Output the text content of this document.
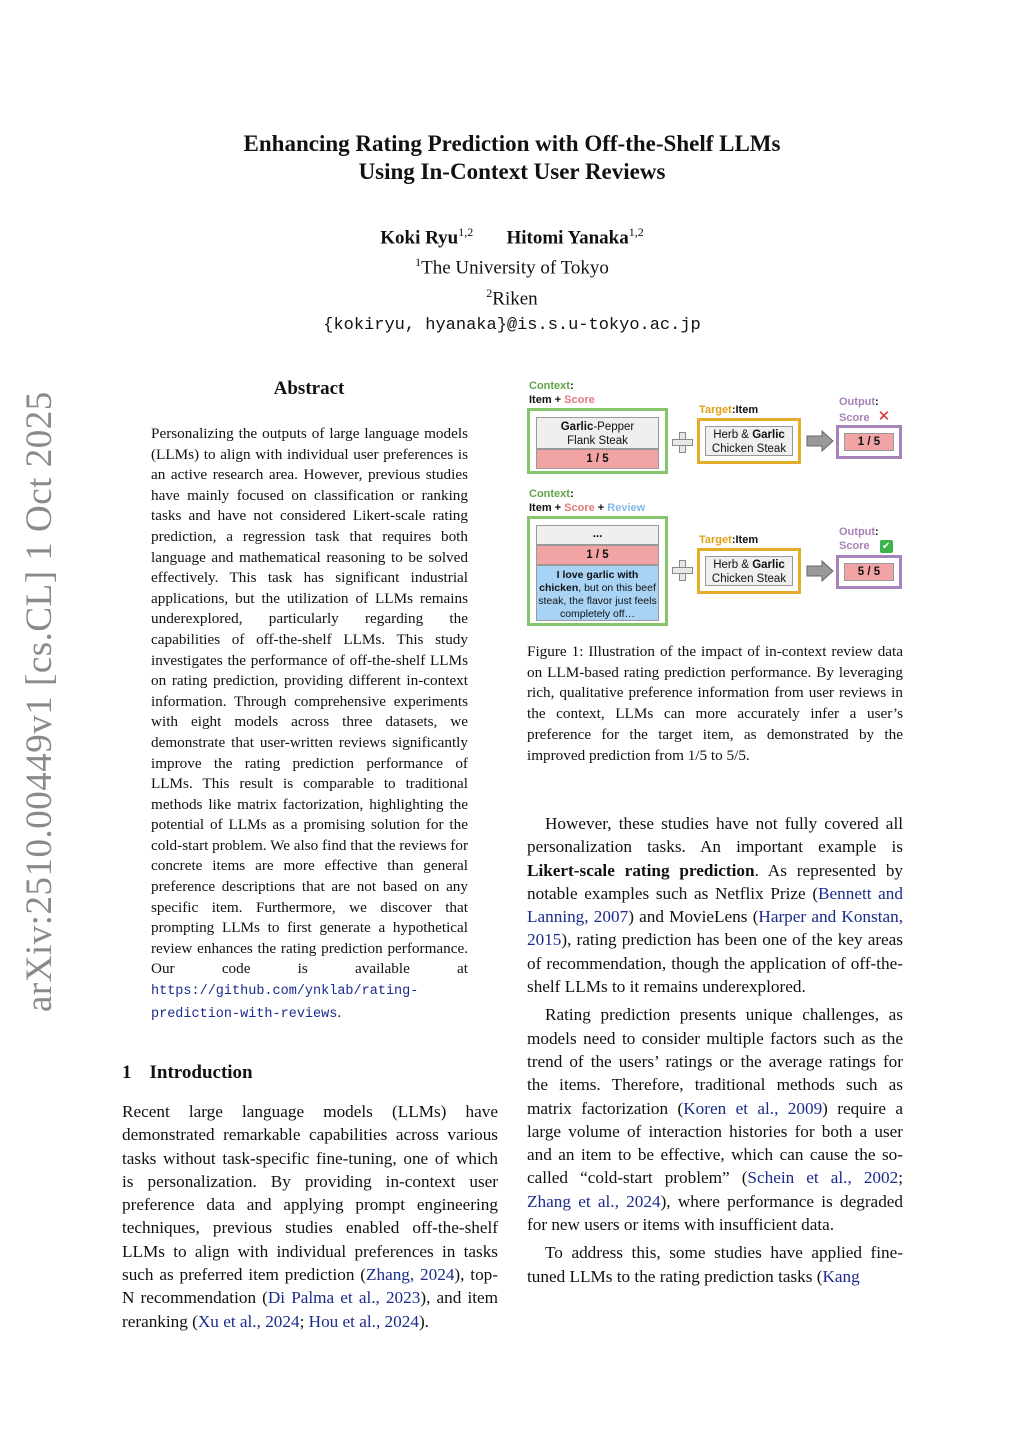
Enhancing Rating Prediction with Off-the-Shelf LLMs
Using In-Context User Reviews
Koki Ryu$^{1,2}$ Hitomi Yanaka$^{1,2}$
$^1$The University of Tokyo
$^2$Riken
{kokiryu, hyanaka}@is.s.u-tokyo.ac.jp
arXiv:2510.00449v1 [cs.CL] 1 Oct 2025
Abstract
Personalizing the outputs of large language models (LLMs) to align with individual user preferences is an active research area. However, previous studies have mainly focused on classification or ranking tasks and have not considered Likert-scale rating prediction, a regression task that requires both language and mathematical reasoning to be solved effectively. This task has significant industrial applications, but the utilization of LLMs remains underexplored, particularly regarding the capabilities of off-the-shelf LLMs. This study investigates the performance of off-the-shelf LLMs on rating prediction, providing different in-context information. Through comprehensive experiments with eight models across three datasets, we demonstrate that user-written reviews significantly improve the rating prediction performance of LLMs. This result is comparable to traditional methods like matrix factorization, highlighting the potential of LLMs as a promising solution for the cold-start problem. We also find that the reviews for concrete items are more effective than general preference descriptions that are not based on any specific item. Furthermore, we discover that prompting LLMs to first generate a hypothetical review enhances the rating prediction performance. Our code is available at https://github.com/ynklab/rating-prediction-with-reviews.
1 Introduction
Recent large language models (LLMs) have demonstrated remarkable capabilities across various tasks without task-specific fine-tuning, one of which is personalization. By providing in-context user preference data and applying prompt engineering techniques, previous studies enabled off-the-shelf LLMs to align with individual preferences in tasks such as preferred item prediction (Zhang, 2024), top-N recommendation (Di Palma et al., 2023), and item reranking (Xu et al., 2024; Hou et al., 2024).
Context:
Item + Score
Garlic-Pepper
Flank Steak
1 / 5
Target:Item
Herb & Garlic
Chicken Steak
Output:
Score ✕
1 / 5
Context:
Item + Score + Review
...
1 / 5
I love garlic with chicken, but on this beef steak, the flavor just feels completely off…
Target:Item
Herb & Garlic
Chicken Steak
Output:
Score ✔
5 / 5
Figure 1: Illustration of the impact of in-context review data on LLM-based rating prediction performance. By leveraging rich, qualitative preference information from user reviews in the context, LLMs can more accurately infer a user’s preference for the target item, as demonstrated by the improved prediction from 1/5 to 5/5.

However, these studies have not fully covered all personalization tasks. An important example is Likert-scale rating prediction. As represented by notable examples such as Netflix Prize (Bennett and Lanning, 2007) and MovieLens (Harper and Konstan, 2015), rating prediction has been one of the key areas of recommendation, though the application of off-the-shelf LLMs to it remains underexplored.

Rating prediction presents unique challenges, as models need to consider multiple factors such as the trend of the users’ ratings or the average ratings for the items. Therefore, traditional methods such as matrix factorization (Koren et al., 2009) require a large volume of interaction histories for both a user and an item to be effective, which can cause the so-called “cold-start problem” (Schein et al., 2002; Zhang et al., 2024), where performance is degraded for new users or items with insufficient data.

To address this, some studies have applied fine-tuned LLMs to the rating prediction tasks (Kang
